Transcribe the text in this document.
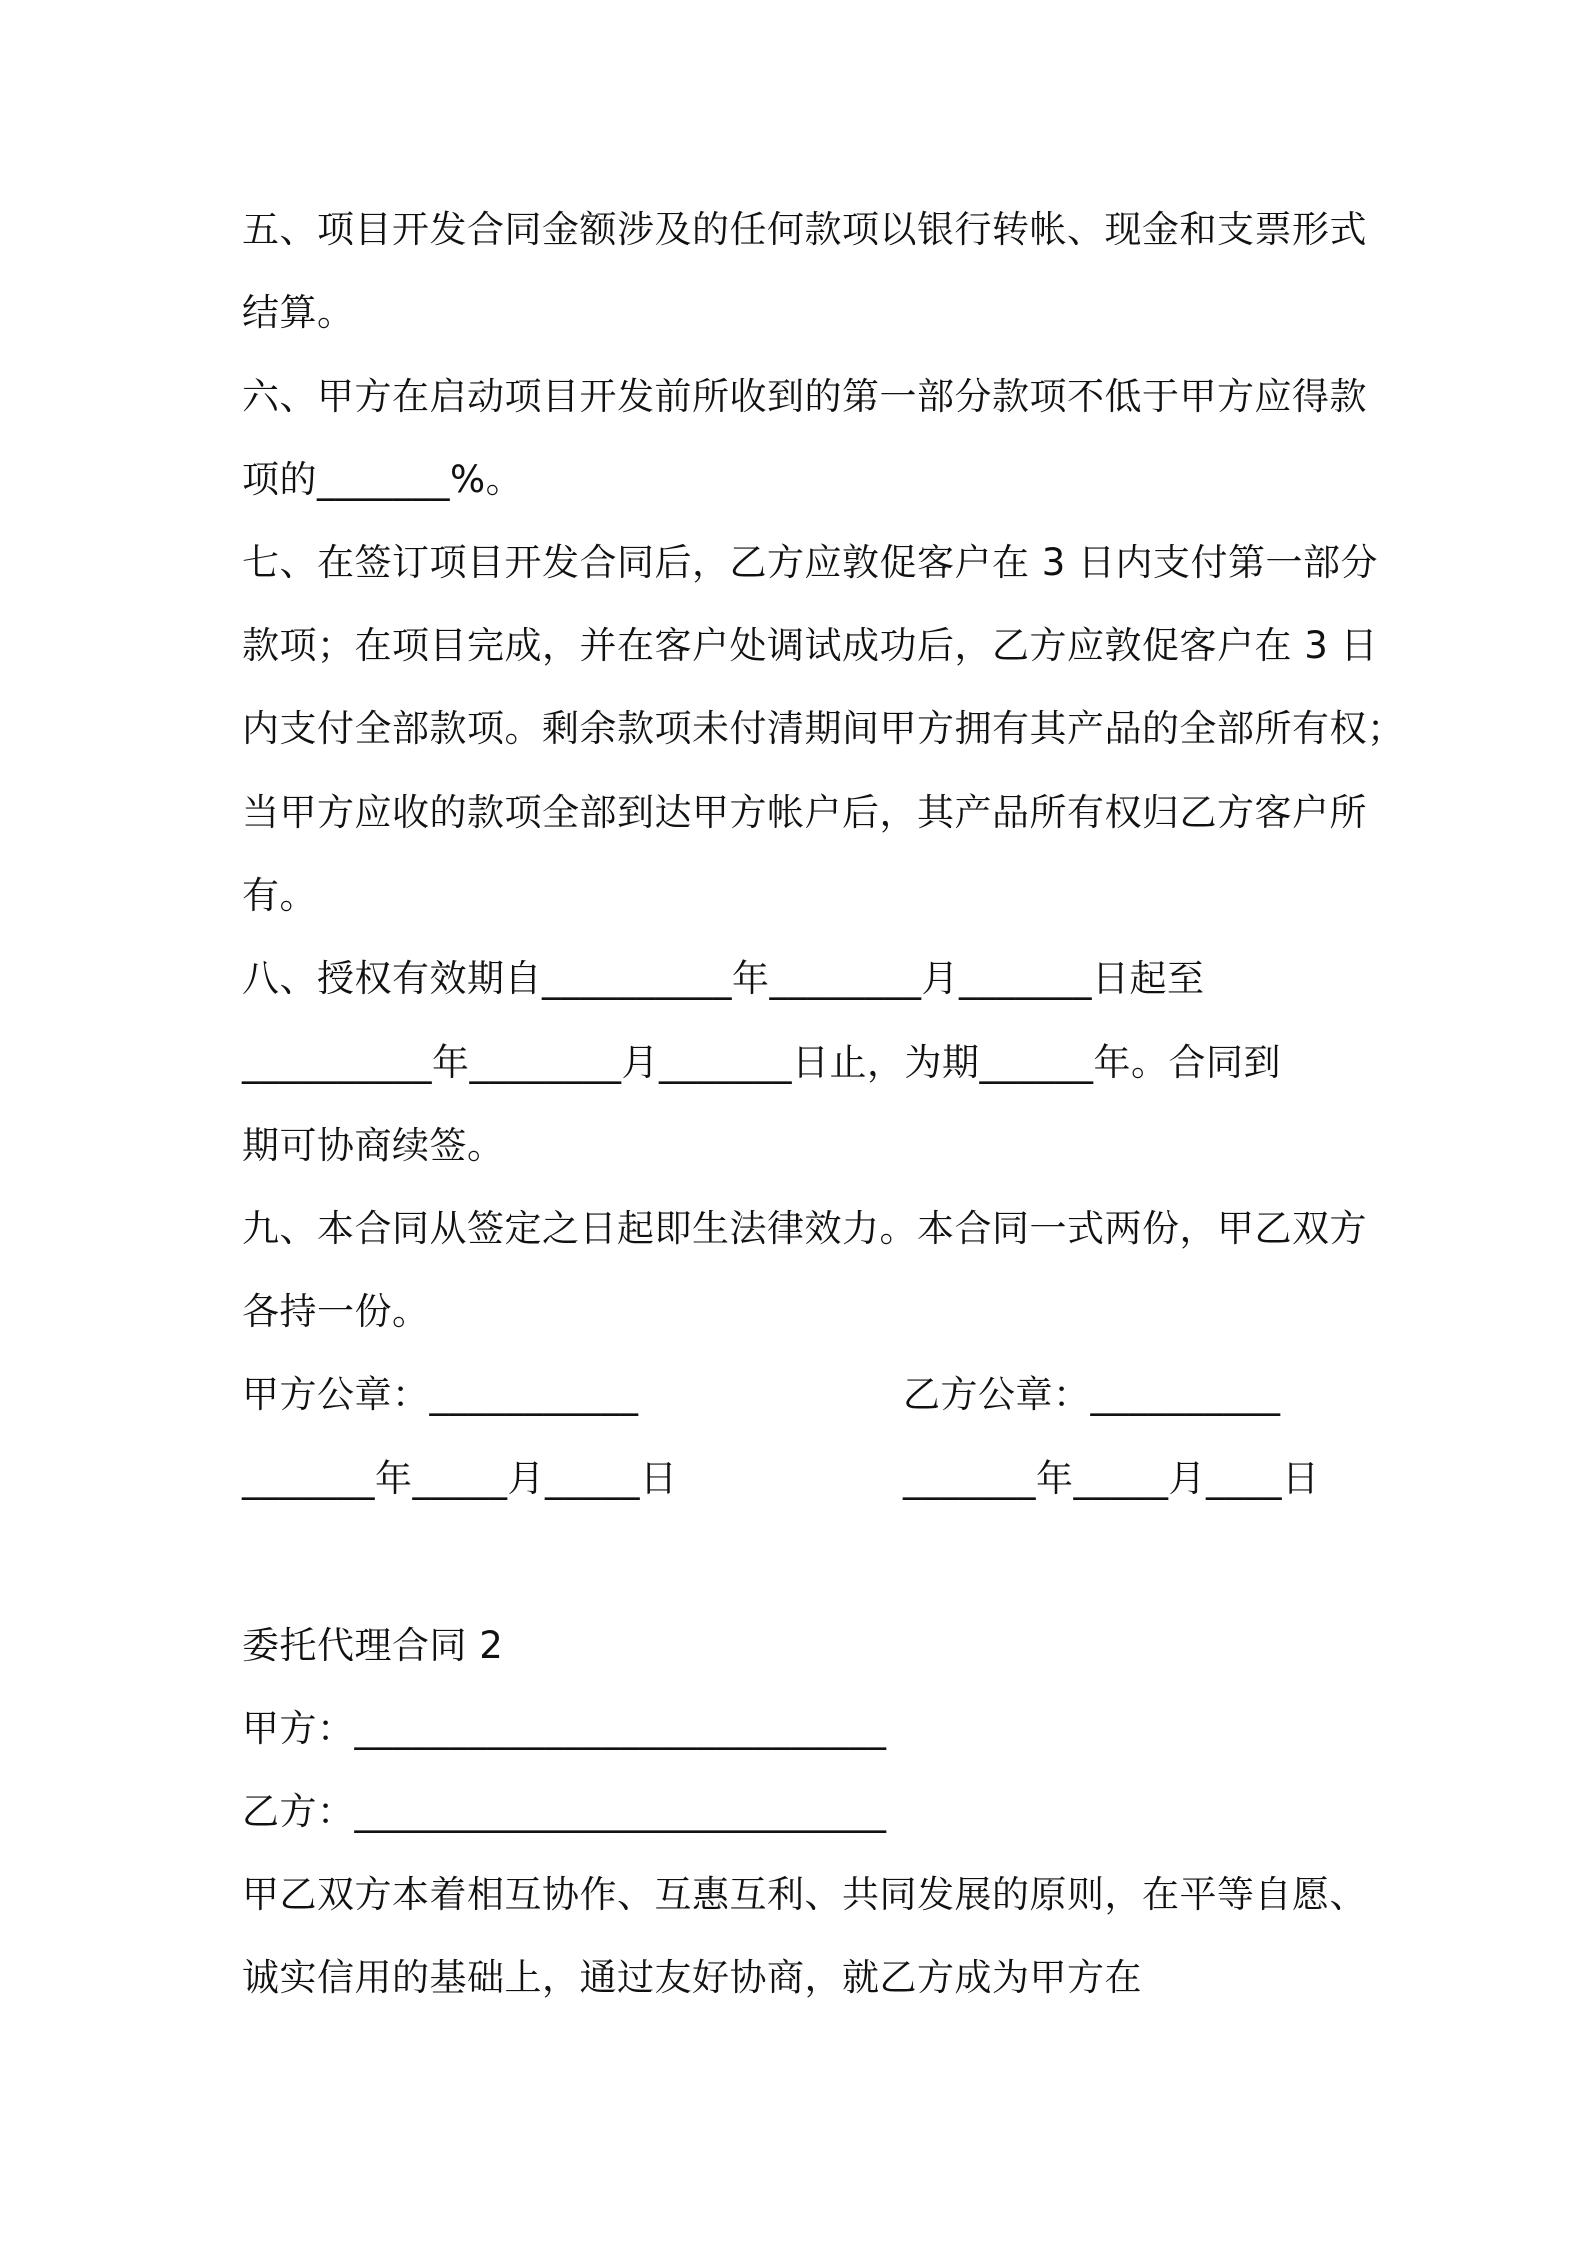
五、项目开发合同金额涉及的任何款项以银行转帐、现金和支票形式
结算。
六、甲方在启动项目开发前所收到的第一部分款项不低于甲方应得款
项的_______%。
七、在签订项目开发合同后，乙方应敦促客户在 3 日内支付第一部分
款项；在项目完成，并在客户处调试成功后，乙方应敦促客户在 3 日
内支付全部款项。剩余款项未付清期间甲方拥有其产品的全部所有权；
当甲方应收的款项全部到达甲方帐户后，其产品所有权归乙方客户所
有。
八、授权有效期自__________年________月_______日起至
__________年________月_______日止，为期______年。合同到
期可协商续签。
九、本合同从签定之日起即生法律效力。本合同一式两份，甲乙双方
各持一份。
甲方公章：___________	乙方公章：__________
_______年_____月_____日	_______年_____月____日
委托代理合同 2
甲方：____________________________
乙方：____________________________
甲乙双方本着相互协作、互惠互利、共同发展的原则，在平等自愿、
诚实信用的基础上，通过友好协商，就乙方成为甲方在
